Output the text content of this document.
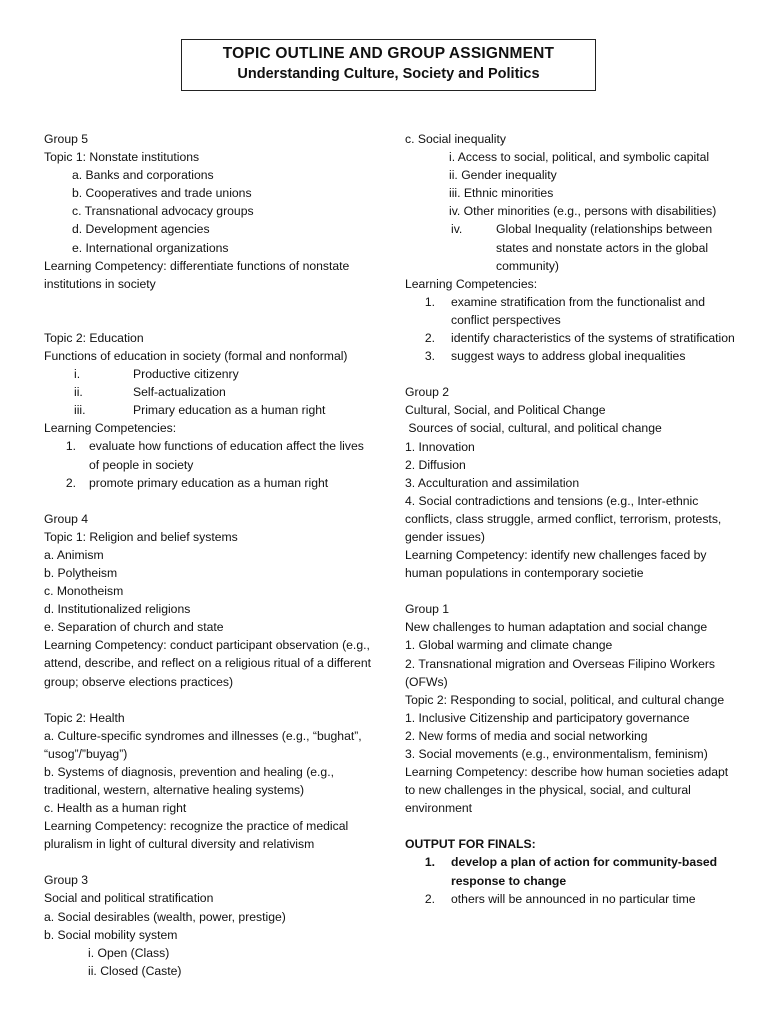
TOPIC OUTLINE AND GROUP ASSIGNMENT
Understanding Culture, Society and Politics
Group 5
Topic 1: Nonstate institutions
a. Banks and corporations
b. Cooperatives and trade unions
c. Transnational advocacy groups
d. Development agencies
e. International organizations
Learning Competency: differentiate functions of nonstate institutions in society
Topic 2: Education
Functions of education in society (formal and nonformal)
i.	Productive citizenry
ii.	Self-actualization
iii.	Primary education as a human right
Learning Competencies:
1.	evaluate how functions of education affect the lives of people in society
2.	promote primary education as a human right
Group 4
Topic 1: Religion and belief systems
a. Animism
b. Polytheism
c. Monotheism
d. Institutionalized religions
e. Separation of church and state
Learning Competency: conduct participant observation (e.g., attend, describe, and reflect on a religious ritual of a different group; observe elections practices)
Topic 2: Health
a. Culture-specific syndromes and illnesses (e.g., “bughat”, “usog”/”buyag”)
b. Systems of diagnosis, prevention and healing (e.g., traditional, western, alternative healing systems)
c. Health as a human right
Learning Competency: recognize the practice of medical pluralism in light of cultural diversity and relativism
Group 3
Social and political stratification
a. Social desirables (wealth, power, prestige)
b. Social mobility system
i. Open (Class)
ii. Closed (Caste)
c. Social inequality
i. Access to social, political, and symbolic capital
ii. Gender inequality
iii. Ethnic minorities
iv. Other minorities (e.g., persons with disabilities)
iv.	Global Inequality (relationships between states and nonstate actors in the global community)
Learning Competencies:
1.	examine stratification from the functionalist and conflict perspectives
2.	identify characteristics of the systems of stratification
3.	suggest ways to address global inequalities
Group 2
Cultural, Social, and Political Change
Sources of social, cultural, and political change
1. Innovation
2. Diffusion
3. Acculturation and assimilation
4. Social contradictions and tensions (e.g., Inter-ethnic conflicts, class struggle, armed conflict, terrorism, protests, gender issues)
Learning Competency: identify new challenges faced by human populations in contemporary societie
Group 1
New challenges to human adaptation and social change
1. Global warming and climate change
2. Transnational migration and Overseas Filipino Workers (OFWs)
Topic 2: Responding to social, political, and cultural change
1. Inclusive Citizenship and participatory governance
2. New forms of media and social networking
3. Social movements (e.g., environmentalism, feminism)
Learning Competency: describe how human societies adapt to new challenges in the physical, social, and cultural environment
OUTPUT FOR FINALS:
1.	develop a plan of action for community-based response to change
2.	others will be announced in no particular time
